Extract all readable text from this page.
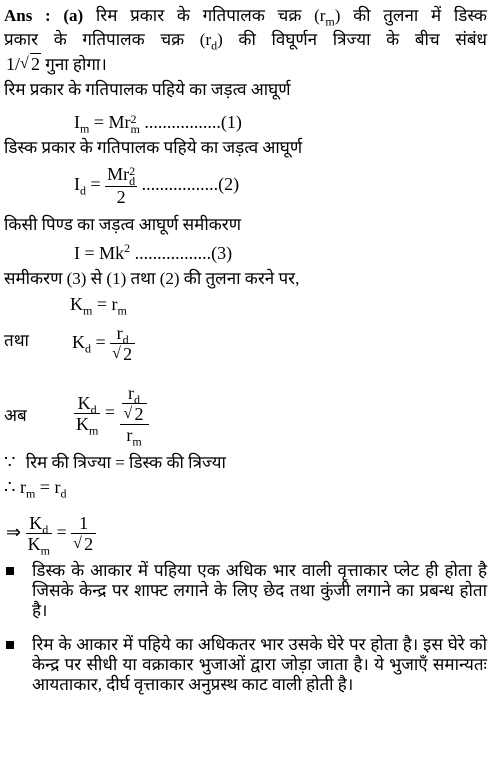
Ans : (a) रिम प्रकार के गतिपालक चक्र $(r_m)$ की तुलना में डिस्क
प्रकार के गतिपालक चक्र $(r_d)$ की विघूर्णन त्रिज्या के बीच संबंध
1/ √ 2 गुना होगा।
रिम प्रकार के गतिपालक पहिये का जड़त्व आघूर्ण
$I_m = Mr$ 2
m .................(1)
डिस्क प्रकार के गतिपालक पहिये का जड़त्व आघूर्ण
$I_d = Mr$ 2
d
2 .................(2)
किसी पिण्ड का जड़त्व आघूर्ण समीकरण
$I = Mk^2$ .................(3)
समीकरण (3) से (1) तथा (2) की तुलना करने पर,
$K_m = r_m$
तथा $K_d = \frac{r_d}{√ 2}$
अब	$\frac{K_d}{K_m} = \frac{\frac{r_d}{√ 2}}{r_m}$
∵ रिम की त्रिज्या = डिस्क की त्रिज्या
∴ $r_m = r_d$
⇒ $\frac{K_d}{K_m} = \frac{1}{√ 2}$
डिस्क के आकार में पहिया एक अधिक भार वाली वृत्ताकार प्लेट ही होता है जिसके केन्द्र पर शाफ्ट लगाने के लिए छेद तथा कुंजी लगाने का प्रबन्ध होता है।
रिम के आकार में पहिये का अधिकतर भार उसके घेरे पर होता है। इस घेरे को केन्द्र पर सीधी या वक्राकार भुजाओं द्वारा जोड़ा जाता है। ये भुजाएँ समान्यतः आयताकार, दीर्घ वृत्ताकार अनुप्रस्थ काट वाली होती है।
